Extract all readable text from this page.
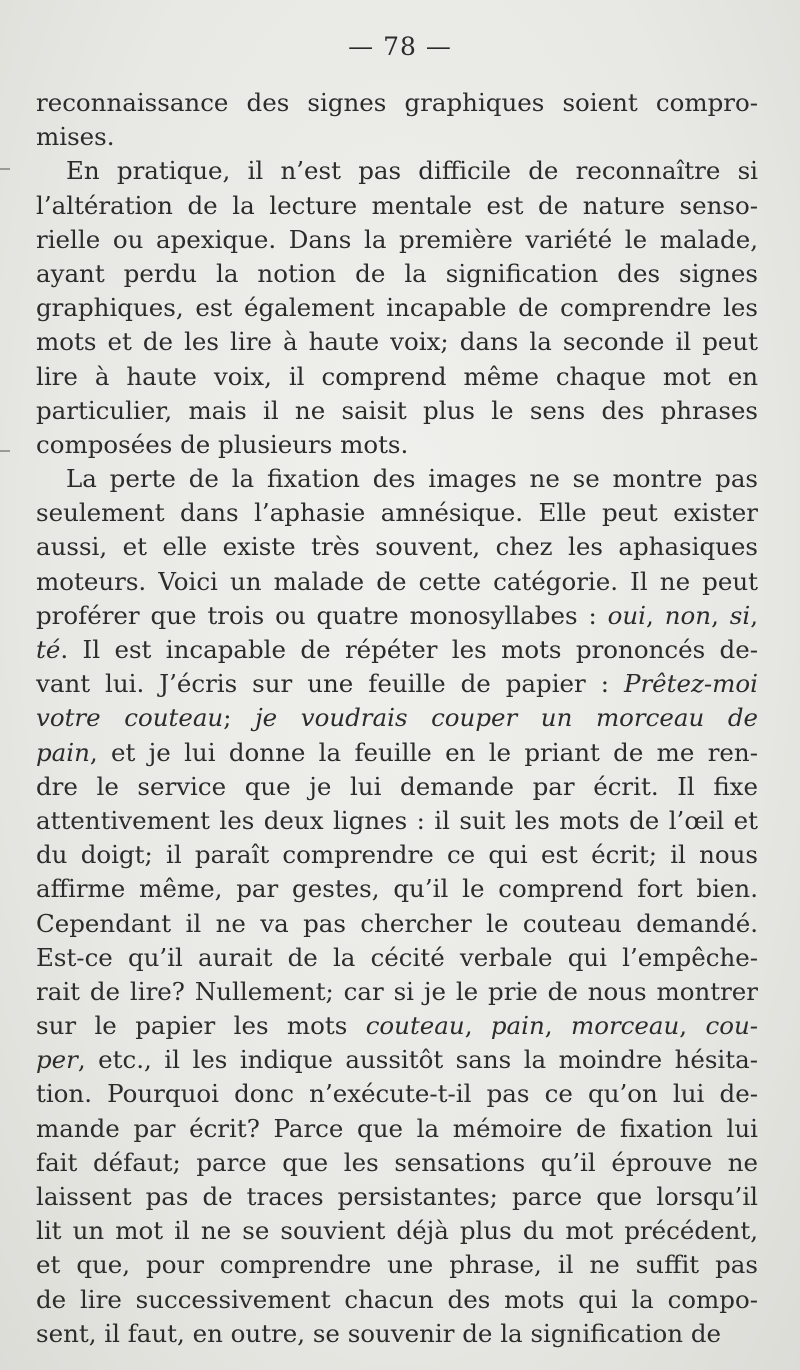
— 78 —
reconnaissance des signes graphiques soient compro-
mises.
En pratique, il n’est pas difficile de reconnaître si
l’altération de la lecture mentale est de nature senso-
rielle ou apexique. Dans la première variété le malade,
ayant perdu la notion de la signification des signes
graphiques, est également incapable de comprendre les
mots et de les lire à haute voix; dans la seconde il peut
lire à haute voix, il comprend même chaque mot en
particulier, mais il ne saisit plus le sens des phrases
composées de plusieurs mots.
La perte de la fixation des images ne se montre pas
seulement dans l’aphasie amnésique. Elle peut exister
aussi, et elle existe très souvent, chez les aphasiques
moteurs. Voici un malade de cette catégorie. Il ne peut
proférer que trois ou quatre monosyllabes : oui, non, si,
té. Il est incapable de répéter les mots prononcés de-
vant lui. J’écris sur une feuille de papier : Prêtez-moi
votre couteau; je voudrais couper un morceau de
pain, et je lui donne la feuille en le priant de me ren-
dre le service que je lui demande par écrit. Il fixe
attentivement les deux lignes : il suit les mots de l’œil et
du doigt; il paraît comprendre ce qui est écrit; il nous
affirme même, par gestes, qu’il le comprend fort bien.
Cependant il ne va pas chercher le couteau demandé.
Est-ce qu’il aurait de la cécité verbale qui l’empêche-
rait de lire? Nullement; car si je le prie de nous montrer
sur le papier les mots couteau, pain, morceau, cou-
per, etc., il les indique aussitôt sans la moindre hésita-
tion. Pourquoi donc n’exécute-t-il pas ce qu’on lui de-
mande par écrit? Parce que la mémoire de fixation lui
fait défaut; parce que les sensations qu’il éprouve ne
laissent pas de traces persistantes; parce que lorsqu’il
lit un mot il ne se souvient déjà plus du mot précédent,
et que, pour comprendre une phrase, il ne suffit pas
de lire successivement chacun des mots qui la compo-
sent, il faut, en outre, se souvenir de la signification de
